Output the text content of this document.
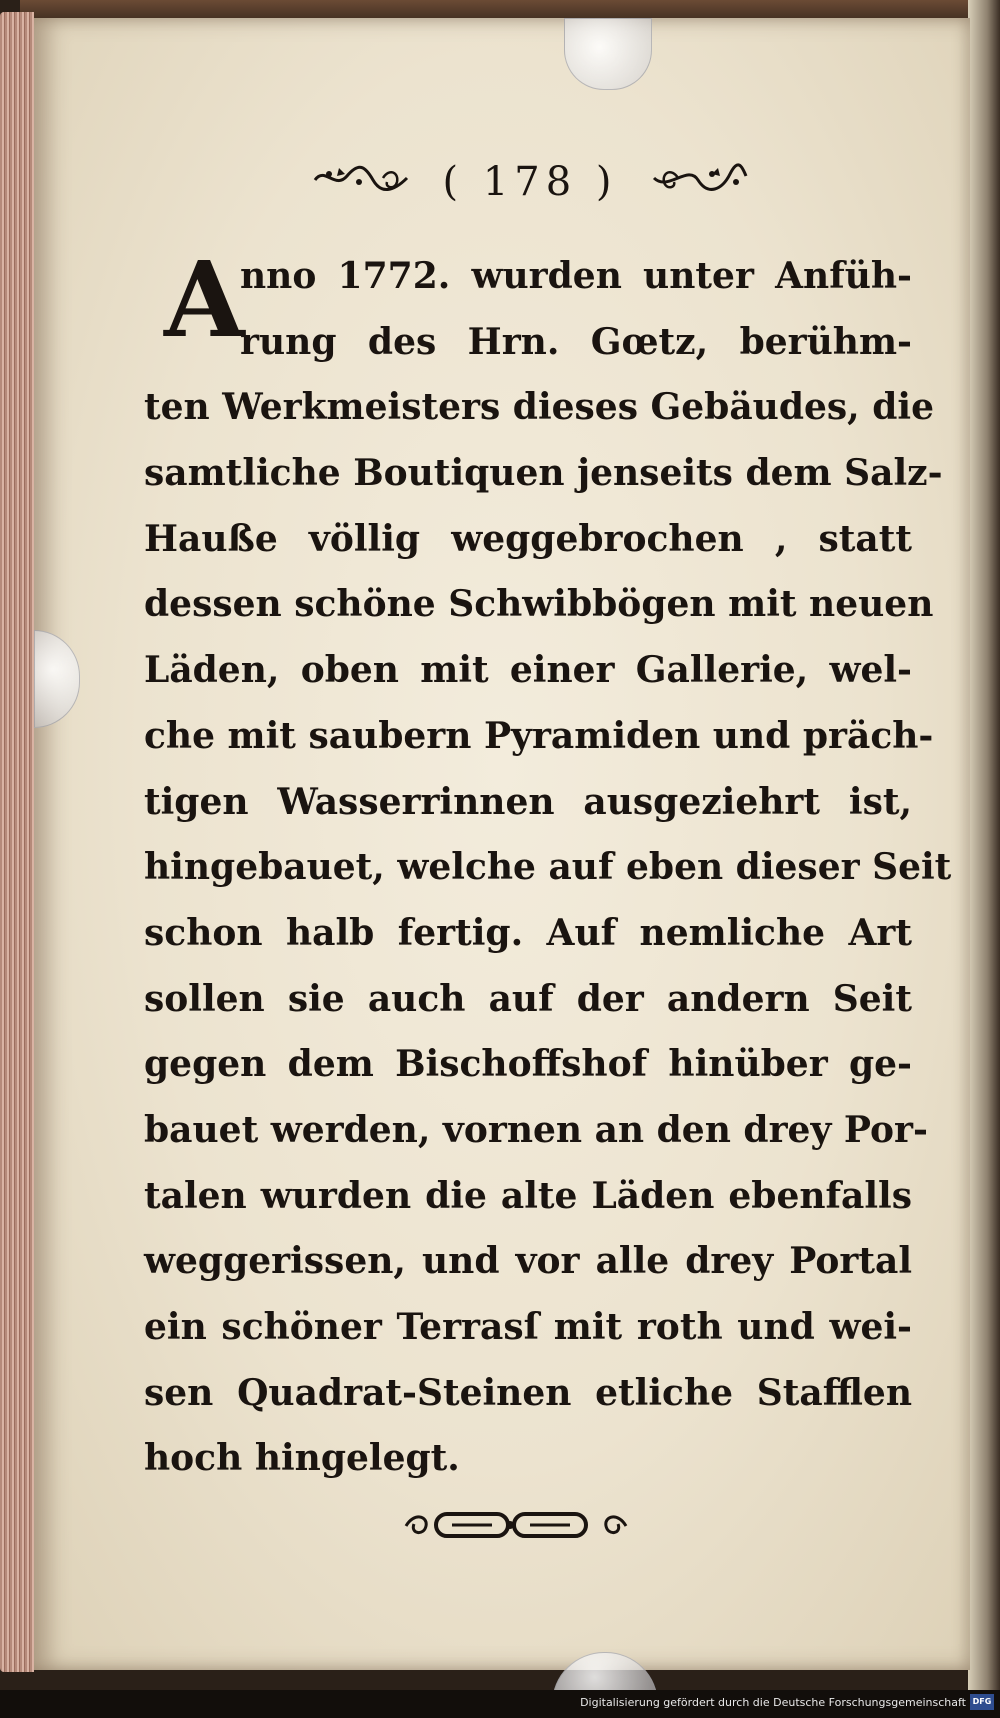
( 178 )
A
nno 1772. wurden unter Anfüh-
rung des Hrn. Gœtz, berühm-
ten Werkmeisters dieses Gebäudes, die
samtliche Boutiquen jenseits dem Salz-
Hauße völlig weggebrochen , statt
dessen schöne Schwibbögen mit neuen
Läden, oben mit einer Gallerie, wel-
che mit saubern Pyramiden und präch-
tigen Wasserrinnen ausgeziehrt ist,
hingebauet, welche auf eben dieser Seit
schon halb fertig. Auf nemliche Art
sollen sie auch auf der andern Seit
gegen dem Bischoffshof hinüber ge-
bauet werden, vornen an den drey Por-
talen wurden die alte Läden ebenfalls
weggerissen, und vor alle drey Portal
ein schöner Terrasſ mit roth und wei-
sen Quadrat-Steinen etliche Stafflen
hoch hingelegt.
Digitalisierung gefördert durch die Deutsche Forschungsgemeinschaft DFG
